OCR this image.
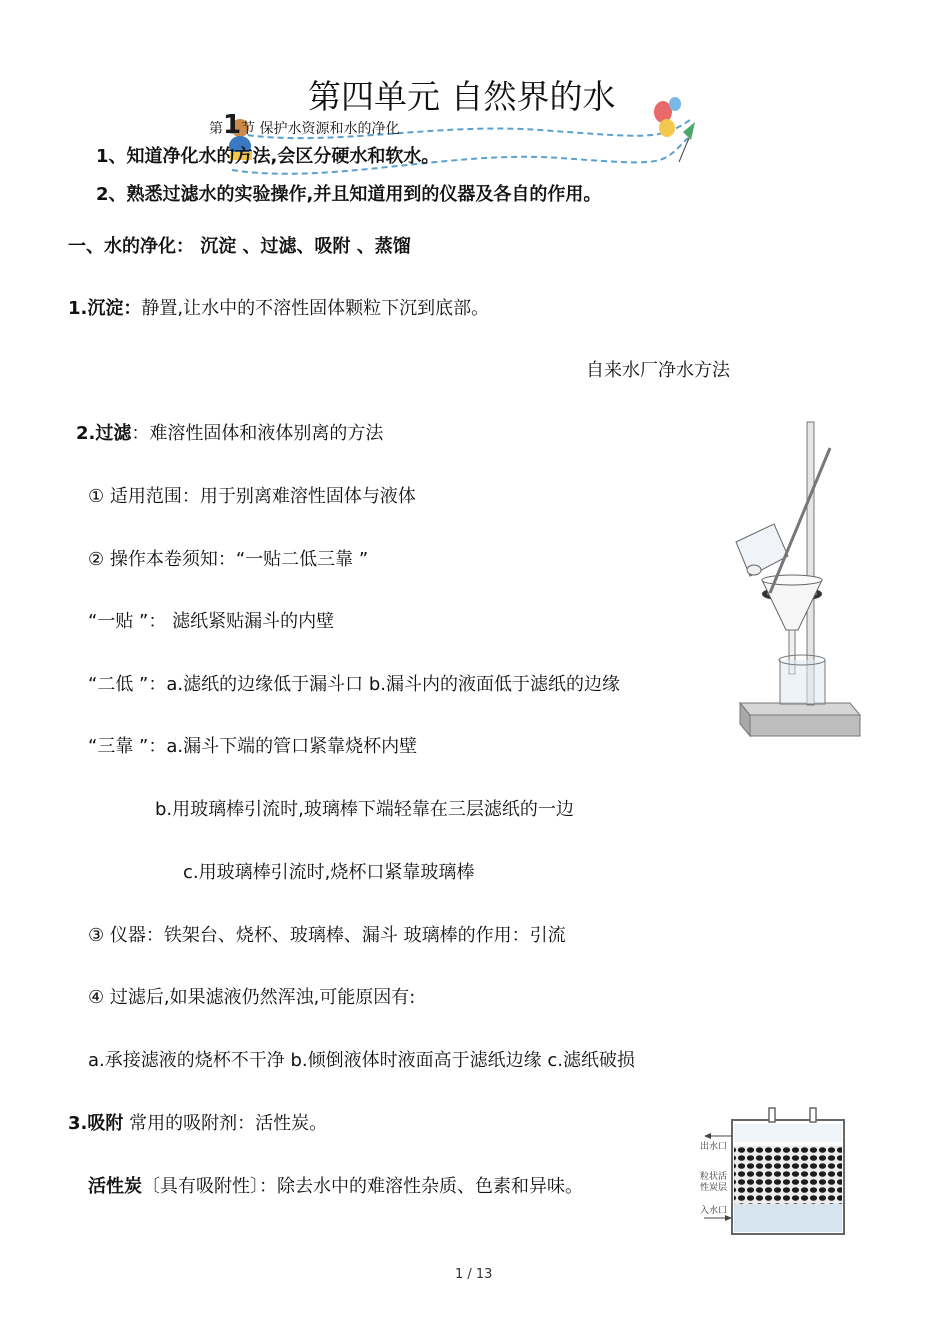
第四单元 自然界的水
第1节 保护水资源和水的净化
1、知道净化水的方法,会区分硬水和软水。
2、熟悉过滤水的实验操作,并且知道用到的仪器及各自的作用。
一、水的净化： 沉淀 、过滤、吸附 、蒸馏
1.沉淀：静置,让水中的不溶性固体颗粒下沉到底部。
自来水厂净水方法
2.过滤：难溶性固体和液体别离的方法
① 适用范围：用于别离难溶性固体与液体
② 操作本卷须知：“一贴二低三靠 ”
“一贴 ”： 滤纸紧贴漏斗的内壁
“二低 ”：a.滤纸的边缘低于漏斗口 b.漏斗内的液面低于滤纸的边缘
“三靠 ”：a.漏斗下端的管口紧靠烧杯内壁
b.用玻璃棒引流时,玻璃棒下端轻靠在三层滤纸的一边
c.用玻璃棒引流时,烧杯口紧靠玻璃棒
③ 仪器：铁架台、烧杯、玻璃棒、漏斗 玻璃棒的作用：引流
④ 过滤后,如果滤液仍然浑浊,可能原因有:
a.承接滤液的烧杯不干净 b.倾倒液体时液面高于滤纸边缘 c.滤纸破损
3.吸附 常用的吸附剂：活性炭。
活性炭〔具有吸附性〕：除去水中的难溶性杂质、色素和异味。
出水口
粒状活
性炭层
入水口
1 / 13
